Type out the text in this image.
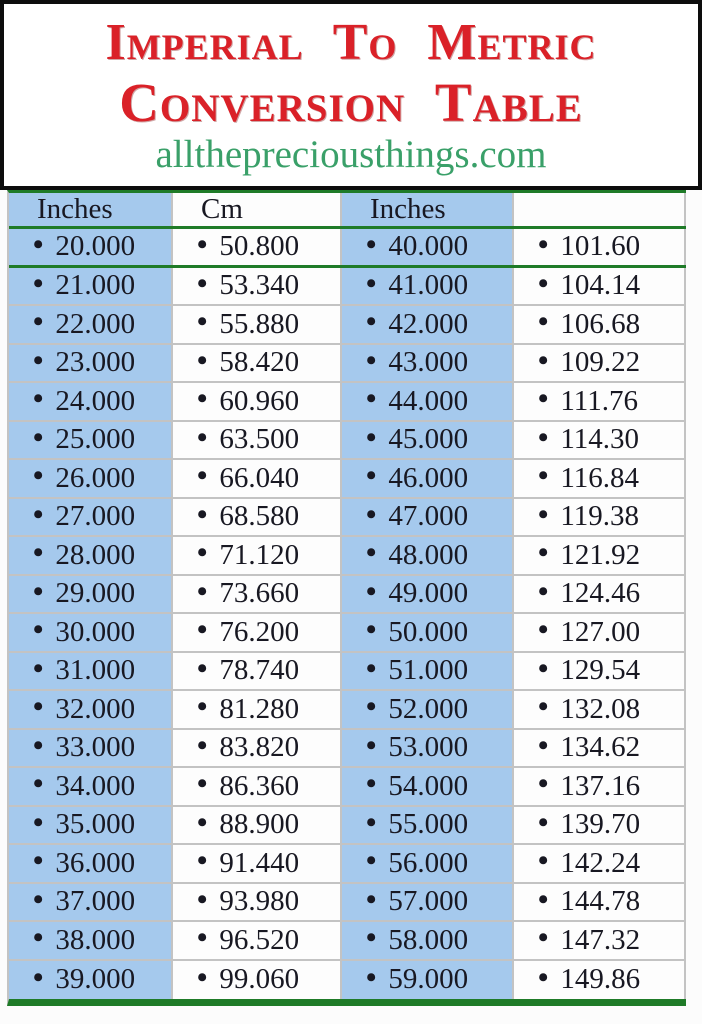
Imperial To Metric
Conversion Table
allthepreciousthings.com
Inches	Cm	Inches
• 20.000 • 50.800 • 40.000 • 101.60
• 21.000 • 53.340 • 41.000 • 104.14
• 22.000 • 55.880 • 42.000 • 106.68
• 23.000 • 58.420 • 43.000 • 109.22
• 24.000 • 60.960 • 44.000 • 111.76
• 25.000 • 63.500 • 45.000 • 114.30
• 26.000 • 66.040 • 46.000 • 116.84
• 27.000 • 68.580 • 47.000 • 119.38
• 28.000 • 71.120 • 48.000 • 121.92
• 29.000 • 73.660 • 49.000 • 124.46
• 30.000 • 76.200 • 50.000 • 127.00
• 31.000 • 78.740 • 51.000 • 129.54
• 32.000 • 81.280 • 52.000 • 132.08
• 33.000 • 83.820 • 53.000 • 134.62
• 34.000 • 86.360 • 54.000 • 137.16
• 35.000 • 88.900 • 55.000 • 139.70
• 36.000 • 91.440 • 56.000 • 142.24
• 37.000 • 93.980 • 57.000 • 144.78
• 38.000 • 96.520 • 58.000 • 147.32
• 39.000 • 99.060 • 59.000 • 149.86
